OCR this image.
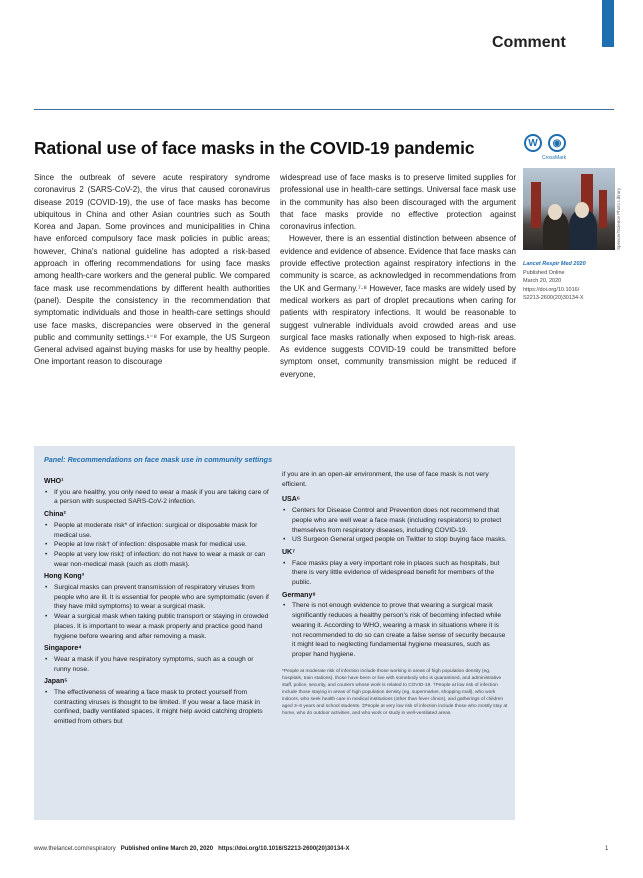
Comment
Rational use of face masks in the COVID-19 pandemic	W	◉
CrossMark
Spencer/Science Photo Library
Lancet Respir Med 2020
Published Online
March 20, 2020
https://doi.org/10.1016/
S2213-2600(20)30134-X

Since the outbreak of severe acute respiratory syndrome coronavirus 2 (SARS-CoV-2), the virus that caused coronavirus disease 2019 (COVID-19), the use of face masks has become ubiquitous in China and other Asian countries such as South Korea and Japan. Some provinces and municipalities in China have enforced compulsory face mask policies in public areas; however, China's national guideline has adopted a risk-based approach in offering recommendations for using face masks among health-care workers and the general public. We compared face mask use recommendations by different health authorities (panel). Despite the consistency in the recommendation that symptomatic individuals and those in health-care settings should use face masks, discrepancies were observed in the general public and community settings.¹⁻⁸ For example, the US Surgeon General advised against buying masks for use by healthy people. One important reason to discourage

widespread use of face masks is to preserve limited supplies for professional use in health-care settings. Universal face mask use in the community has also been discouraged with the argument that face masks provide no effective protection against coronavirus infection.

However, there is an essential distinction between absence of evidence and evidence of absence. Evidence that face masks can provide effective protection against respiratory infections in the community is scarce, as acknowledged in recommendations from the UK and Germany.⁷·⁸ However, face masks are widely used by medical workers as part of droplet precautions when caring for patients with respiratory infections. It would be reasonable to suggest vulnerable individuals avoid crowded areas and use surgical face masks rationally when exposed to high-risk areas. As evidence suggests COVID-19 could be transmitted before symptom onset, community transmission might be reduced if everyone,

Panel: Recommendations on face mask use in community settings
WHO¹
• If you are healthy, you only need to wear a mask if you are taking care of a person with suspected SARS-CoV-2 infection.
China²
• People at moderate risk* of infection: surgical or disposable mask for medical use.
• People at low risk† of infection: disposable mask for medical use.
• People at very low risk‡ of infection: do not have to wear a mask or can wear non-medical mask (such as cloth mask).
Hong Kong³
• Surgical masks can prevent transmission of respiratory viruses from people who are ill. It is essential for people who are symptomatic (even if they have mild symptoms) to wear a surgical mask.
• Wear a surgical mask when taking public transport or staying in crowded places. It is important to wear a mask properly and practice good hand hygiene before wearing and after removing a mask.
Singapore⁴
• Wear a mask if you have respiratory symptoms, such as a cough or runny nose.
Japan⁵
• The effectiveness of wearing a face mask to protect yourself from contracting viruses is thought to be limited. If you wear a face mask in confined, badly ventilated spaces, it might help avoid catching droplets emitted from others but
if you are in an open-air environment, the use of face mask is not very efficient.
USA⁶
• Centers for Disease Control and Prevention does not recommend that people who are well wear a face mask (including respirators) to protect themselves from respiratory diseases, including COVID-19.
• US Surgeon General urged people on Twitter to stop buying face masks.
UK⁷
• Face masks play a very important role in places such as hospitals, but there is very little evidence of widespread benefit for members of the public.
Germany⁸
• There is not enough evidence to prove that wearing a surgical mask significantly reduces a healthy person's risk of becoming infected while wearing it. According to WHO, wearing a mask in situations where it is not recommended to do so can create a false sense of security because it might lead to neglecting fundamental hygiene measures, such as proper hand hygiene.
*People at moderate risk of infection include those working in areas of high population density (eg, hospitals, train stations), those have been or live with somebody who is quarantined, and administrative staff, police, security, and couriers whose work is related to COVID-19. †People at low risk of infection include those staying in areas of high population density (eg, supermarket, shopping mall), who work indoors, who seek health care in medical institutions (other than fever clinics), and gatherings of children aged 3–6 years and school students. ‡People at very low risk of infection include those who mostly stay at home, who do outdoor activities, and who work or study in well-ventilated areas.
www.thelancet.com/respiratory Published online March 20, 2020 https://doi.org/10.1016/S2213-2600(20)30134-X	1
